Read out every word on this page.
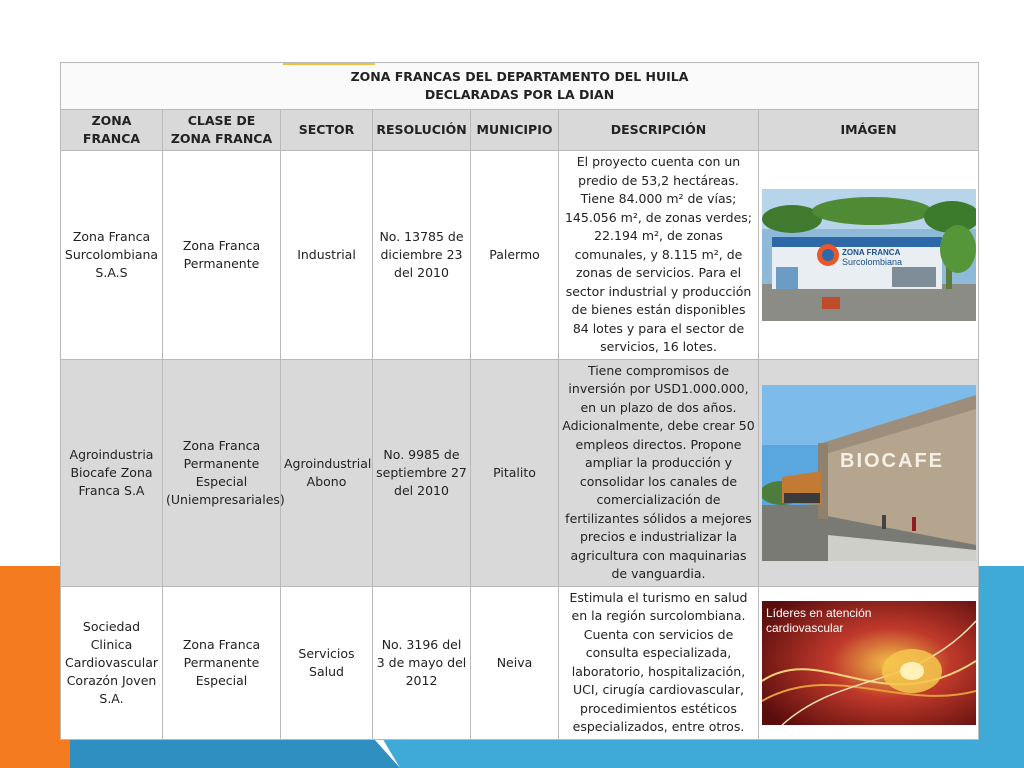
ZONA FRANCAS DEL DEPARTAMENTO DEL HUILA
DECLARADAS POR LA DIAN						

ZONA FRANCA	CLASE DE ZONA FRANCA	SECTOR	RESOLUCIÓN	MUNICIPIO	DESCRIPCIÓN	IMÁGEN
Zona Franca Surcolombiana S.A.S	Zona Franca Permanente	Industrial	No. 13785 de diciembre 23 del 2010	Palermo	El proyecto cuenta con un predio de 53,2 hectáreas. Tiene 84.000 m² de vías; 145.056 m², de zonas verdes; 22.194 m², de zonas comunales, y 8.115 m², de zonas de servicios. Para el sector industrial y producción de bienes están disponibles 84 lotes y para el sector de servicios, 16 lotes.	ZONA FRANCA
Surcolombiana

Agroindustria Biocafe Zona Franca S.A	Zona Franca Permanente Especial (Uniempresariales)	Agroindustrial Abono	No. 9985 de septiembre 27 del 2010	Pitalito	Tiene compromisos de inversión por USD1.000.000, en un plazo de dos años. Adicionalmente, debe crear 50 empleos directos. Propone ampliar la producción y consolidar los canales de comercialización de fertilizantes sólidos a mejores precios e industrializar la agricultura con maquinarias de vanguardia.	BIOCAFE

Sociedad Clinica Cardiovascular Corazón Joven S.A.	Zona Franca Permanente Especial	Servicios Salud	No. 3196 del 3 de mayo del 2012	Neiva	Estimula el turismo en salud en la región surcolombiana. Cuenta con servicios de consulta especializada, laboratorio, hospitalización, UCI, cirugía cardiovascular, procedimientos estéticos especializados, entre otros.	Líderes en atención
cardiovascular
